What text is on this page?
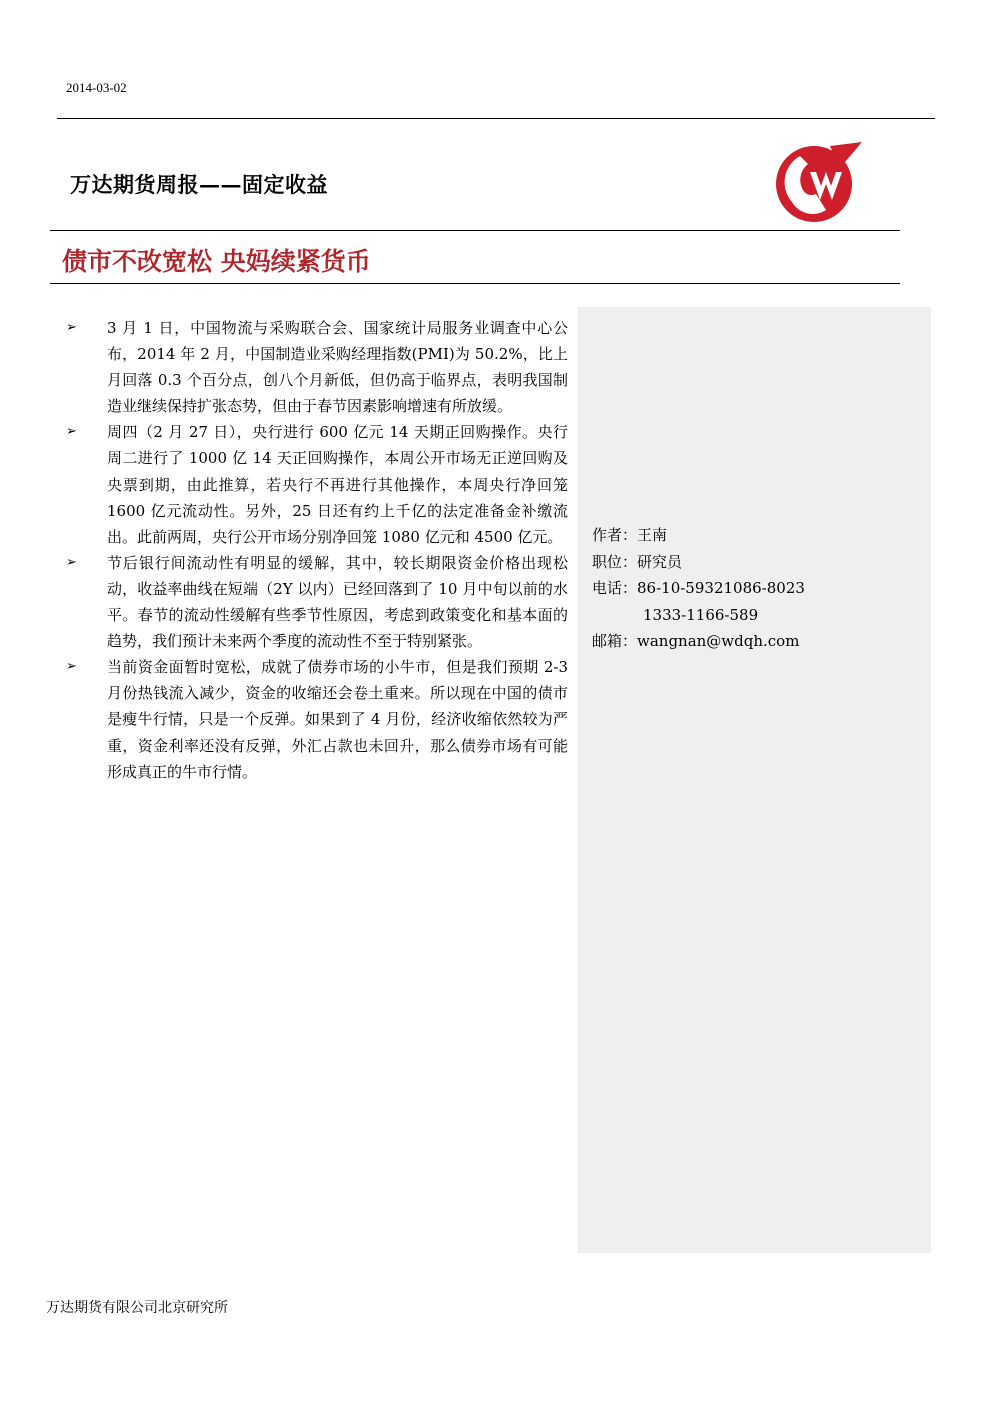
2014-03-02
万达期货周报——固定收益
债市不改宽松 央妈续紧货币
➢ 3 月 1 日，中国物流与采购联合会、国家统计局服务业调查中心公布，2014 年 2 月，中国制造业采购经理指数(PMI)为 50.2%，比上月回落 0.3 个百分点，创八个月新低，但仍高于临界点，表明我国制造业继续保持扩张态势，但由于春节因素影响增速有所放缓。
➢ 周四（2 月 27 日），央行进行 600 亿元 14 天期正回购操作。央行周二进行了 1000 亿 14 天正回购操作，本周公开市场无正逆回购及央票到期，由此推算，若央行不再进行其他操作，本周央行净回笼 1600 亿元流动性。另外，25 日还有约上千亿的法定准备金补缴流出。此前两周，央行公开市场分别净回笼 1080 亿元和 4500 亿元。
➢ 节后银行间流动性有明显的缓解，其中，较长期限资金价格出现松动，收益率曲线在短端（2Y 以内）已经回落到了 10 月中旬以前的水平。春节的流动性缓解有些季节性原因，考虑到政策变化和基本面的趋势，我们预计未来两个季度的流动性不至于特别紧张。
➢ 当前资金面暂时宽松，成就了债券市场的小牛市，但是我们预期 2-3 月份热钱流入减少，资金的收缩还会卷土重来。所以现在中国的债市是瘦牛行情，只是一个反弹。如果到了 4 月份，经济收缩依然较为严重，资金利率还没有反弹，外汇占款也未回升，那么债券市场有可能形成真正的牛市行情。
作者：王南
职位：研究员
电话：86-10-59321086-8023
1333-1166-589
邮箱：wangnan@wdqh.com
万达期货有限公司北京研究所
